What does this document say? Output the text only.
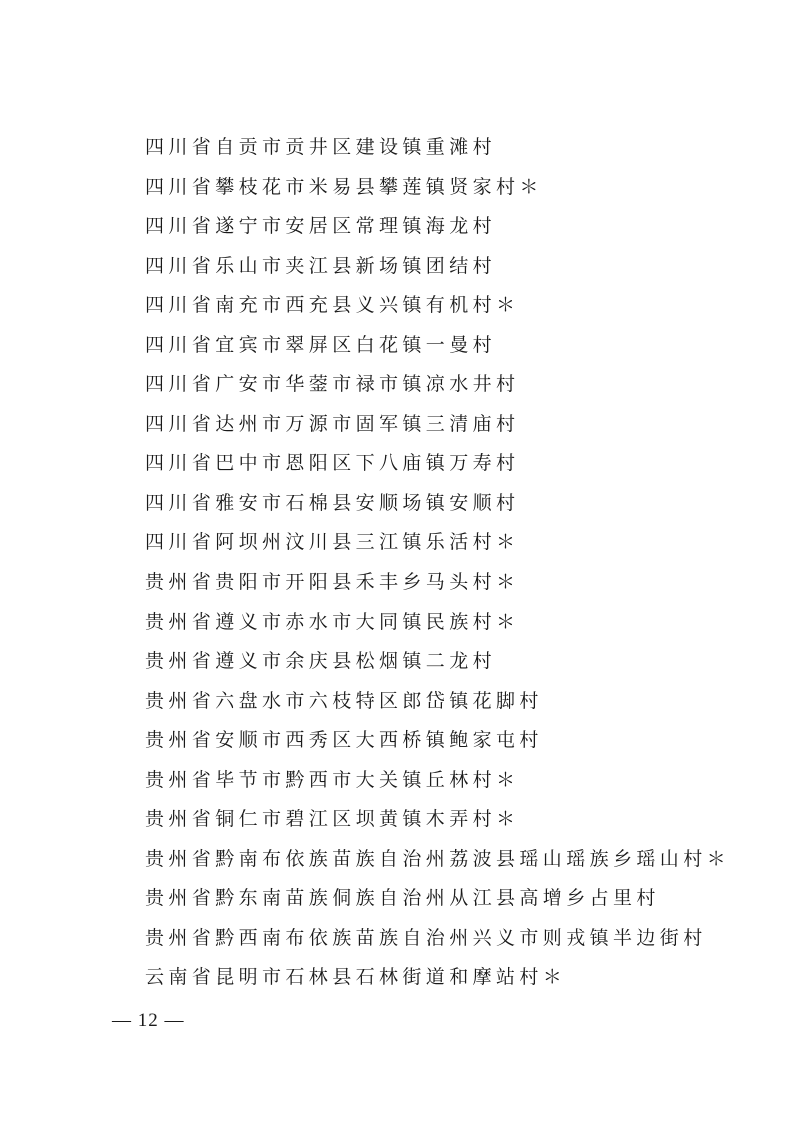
四川省自贡市贡井区建设镇重滩村
四川省攀枝花市米易县攀莲镇贤家村＊
四川省遂宁市安居区常理镇海龙村
四川省乐山市夹江县新场镇团结村
四川省南充市西充县义兴镇有机村＊
四川省宜宾市翠屏区白花镇一曼村
四川省广安市华蓥市禄市镇凉水井村
四川省达州市万源市固军镇三清庙村
四川省巴中市恩阳区下八庙镇万寿村
四川省雅安市石棉县安顺场镇安顺村
四川省阿坝州汶川县三江镇乐活村＊
贵州省贵阳市开阳县禾丰乡马头村＊
贵州省遵义市赤水市大同镇民族村＊
贵州省遵义市余庆县松烟镇二龙村
贵州省六盘水市六枝特区郎岱镇花脚村
贵州省安顺市西秀区大西桥镇鲍家屯村
贵州省毕节市黔西市大关镇丘林村＊
贵州省铜仁市碧江区坝黄镇木弄村＊
贵州省黔南布依族苗族自治州荔波县瑶山瑶族乡瑶山村＊
贵州省黔东南苗族侗族自治州从江县高增乡占里村
贵州省黔西南布依族苗族自治州兴义市则戎镇半边街村
云南省昆明市石林县石林街道和摩站村＊
— 12 —
